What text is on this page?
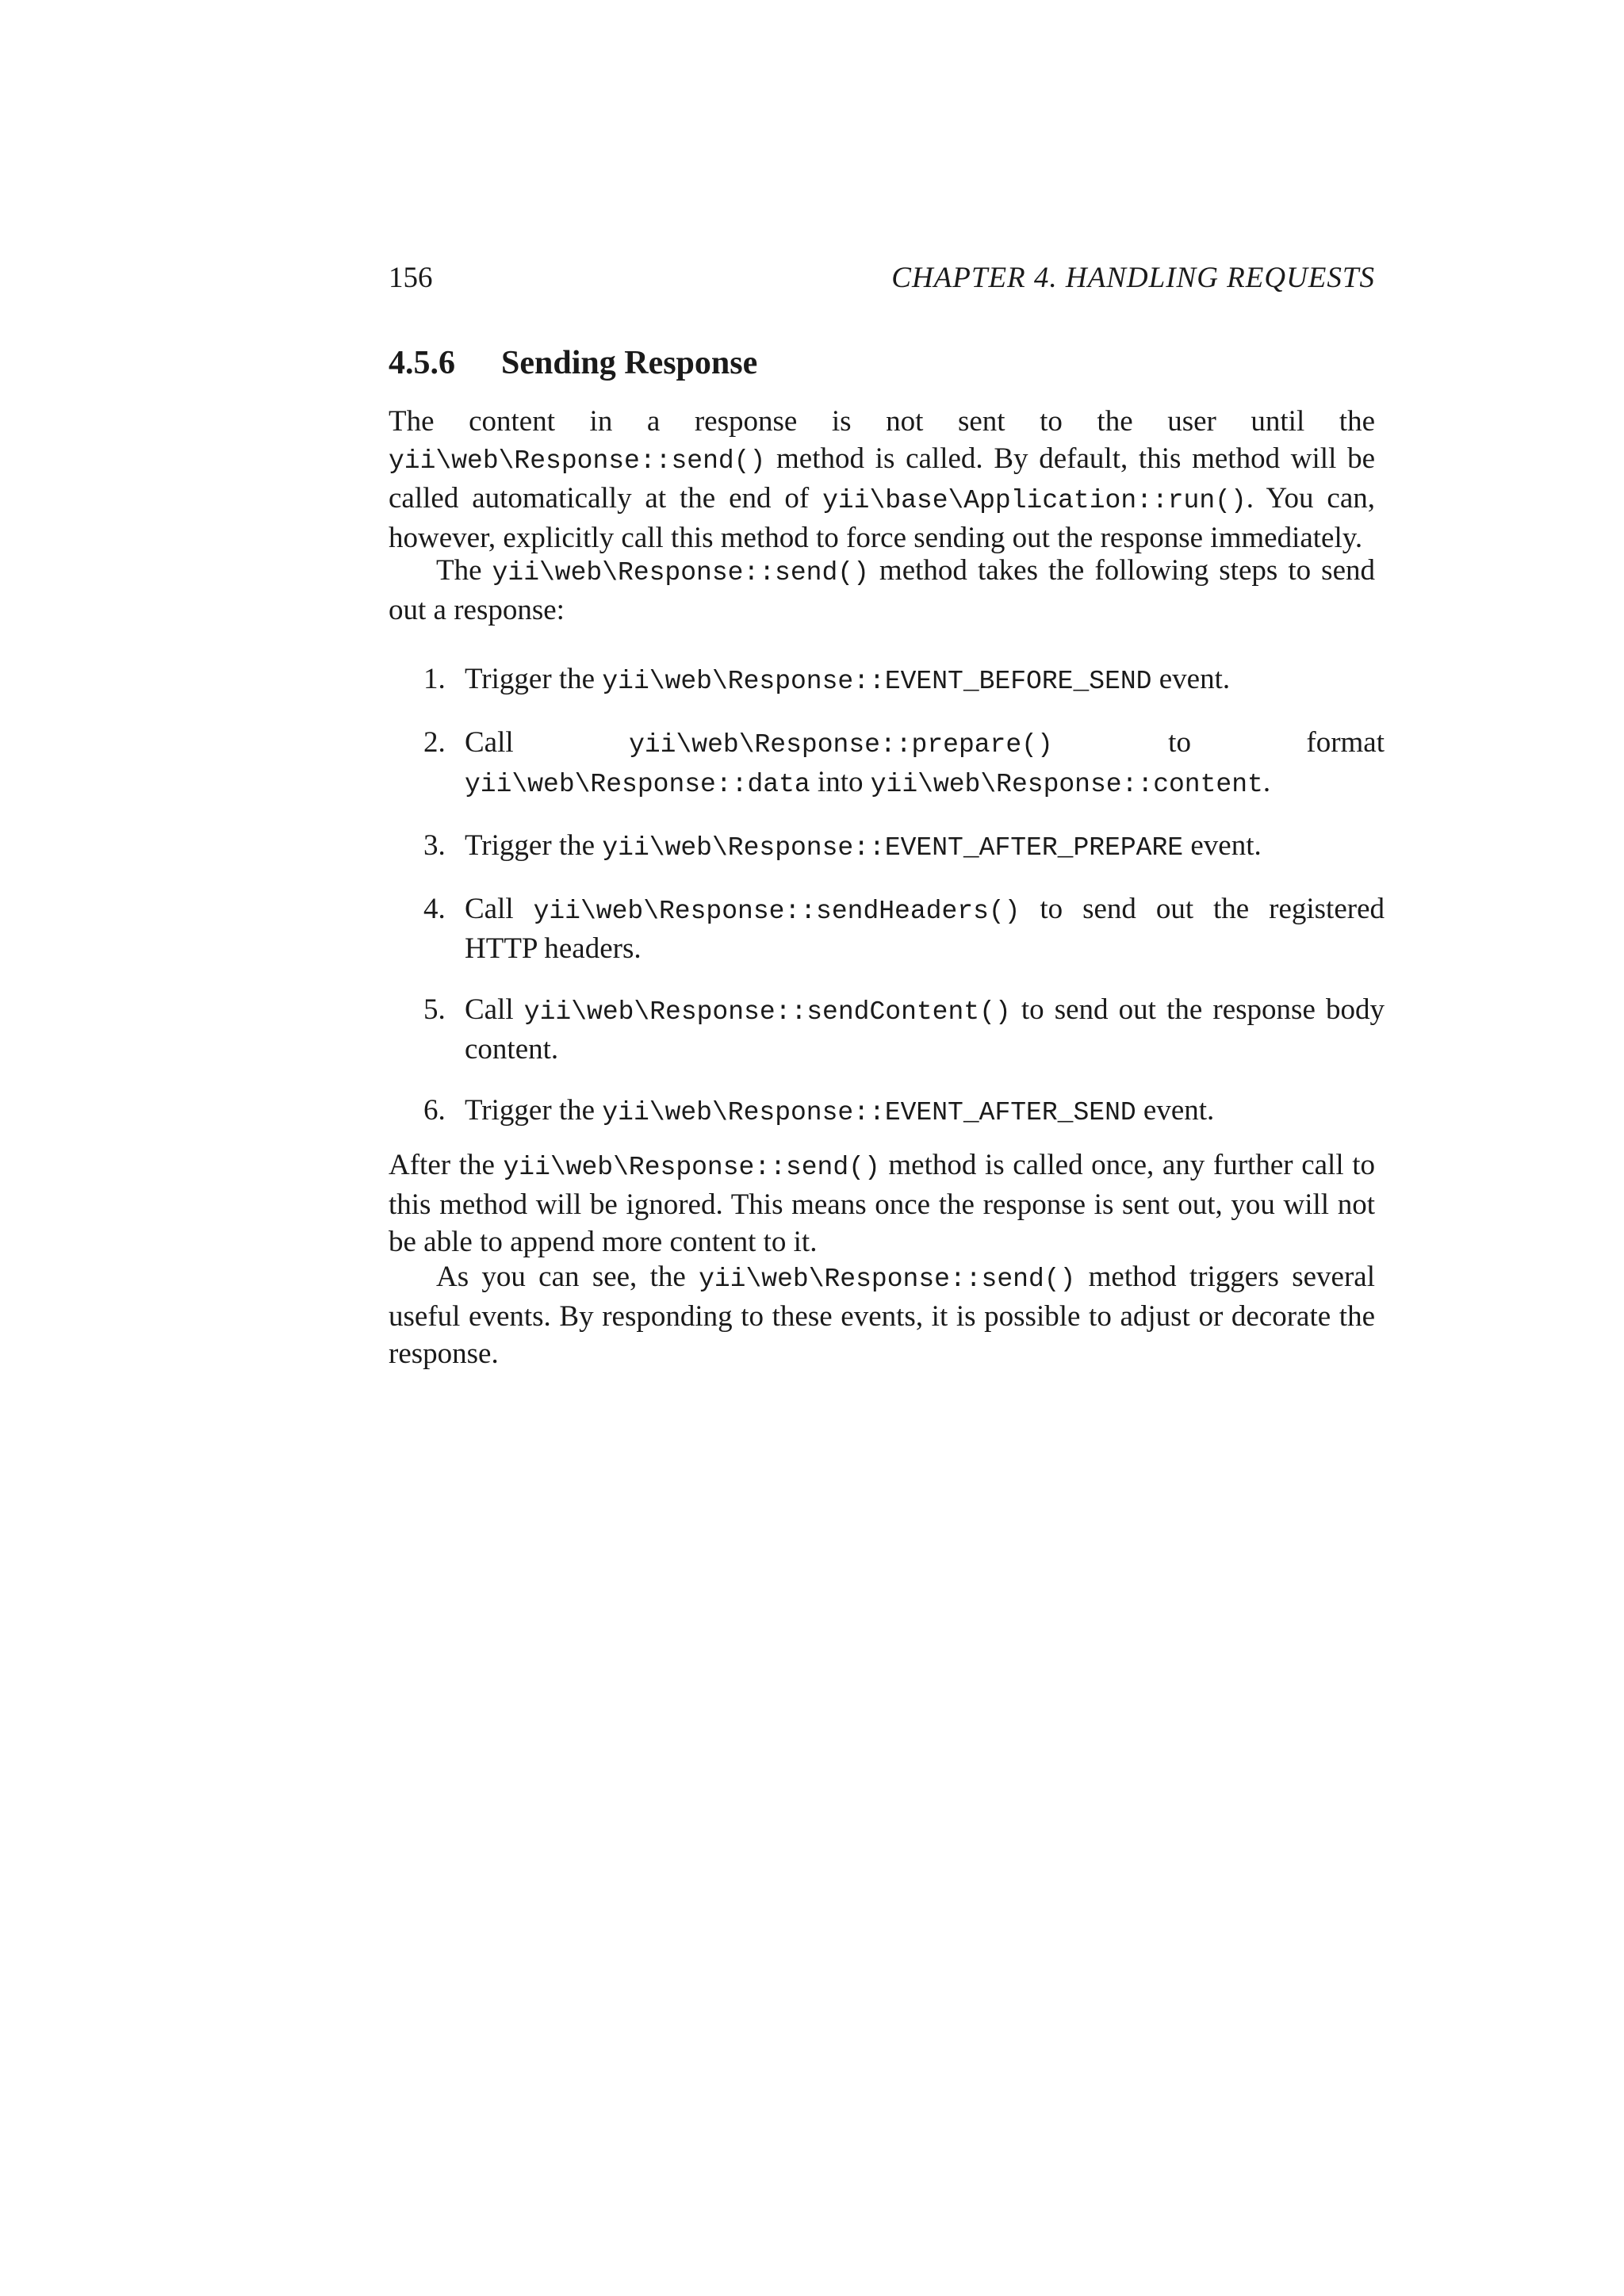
156	CHAPTER 4. HANDLING REQUESTS
4.5.6 Sending Response

The content in a response is not sent to the user until the yii\web\Response::send() method is called. By default, this method will be called automatically at the end of yii\base\Application::run(). You can, however, explicitly call this method to force sending out the response immediately.

The yii\web\Response::send() method takes the following steps to send out a response:

1. Trigger the yii\web\Response::EVENT_BEFORE_SEND event.
2. Call yii\web\Response::prepare() to format yii\web\Response::data into yii\web\Response::content.
3. Trigger the yii\web\Response::EVENT_AFTER_PREPARE event.
4. Call yii\web\Response::sendHeaders() to send out the registered HTTP headers.
5. Call yii\web\Response::sendContent() to send out the response body content.
6. Trigger the yii\web\Response::EVENT_AFTER_SEND event.

After the yii\web\Response::send() method is called once, any further call to this method will be ignored. This means once the response is sent out, you will not be able to append more content to it.

As you can see, the yii\web\Response::send() method triggers several useful events. By responding to these events, it is possible to adjust or decorate the response.
